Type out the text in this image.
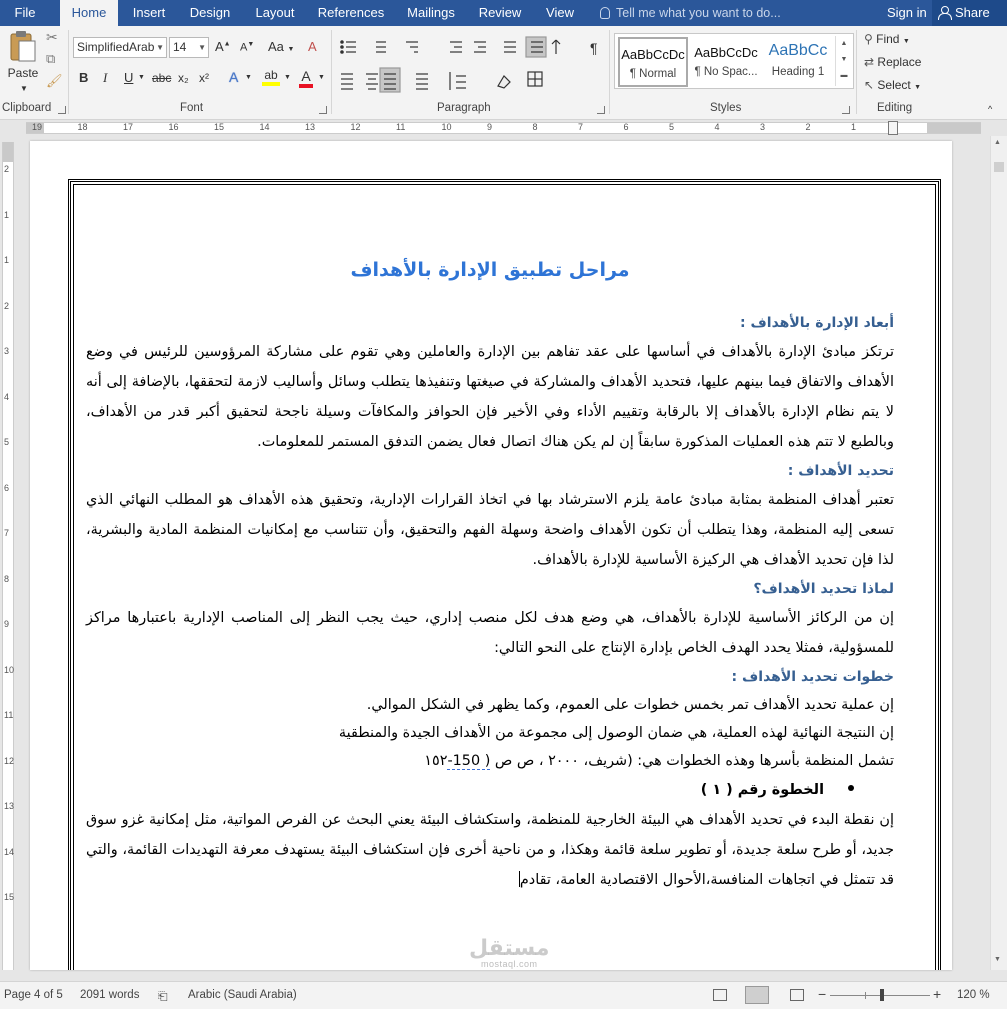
File	Home	Insert	Design	Layout	References	Mailings	Review	View	Tell me what you want to do...	Sign in	Share
Paste
▼
✂
⧉
🖌
Clipboard
SimplifiedArab ▼ 14 ▼ A▲ A▼ Aa ▼ A
B I U ▼ abc x₂ x² A ▼ ab ▼ A	▼
Font
¶
Paragraph
AaBbCcDc
¶ Normal
AaBbCcDc
¶ No Spac...
AaBbCc
Heading 1
▲
▼
▬
Styles
⚲ Find ▼
⇄ Replace
↖ Select ▼
Editing	^
19	18	17	16	15	14	13	12	11	10	9	8	7	6	5	4	3	2	1
2
1
1
2
3
4
5
6
7
8
9
10
11
12
13
14
15
مراحل تطبيق الإدارة بالأهداف
أبعاد الإدارة بالأهداف :
ترتكز مبادئ الإدارة بالأهداف في أساسها على عقد تفاهم بين الإدارة والعاملين وهي تقوم على مشاركة المرؤوسين للرئيس في وضع الأهداف والاتفاق فيما بينهم عليها، فتحديد الأهداف والمشاركة في صيغتها وتنفيذها يتطلب وسائل وأساليب لازمة لتحققها، بالإضافة إلى أنه لا يتم نظام الإدارة بالأهداف إلا بالرقابة وتقييم الأداء وفي الأخير فإن الحوافز والمكافآت وسيلة ناجحة لتحقيق أكبر قدر من الأهداف، وبالطبع لا تتم هذه العمليات المذكورة سابقاً إن لم يكن هناك اتصال فعال يضمن التدفق المستمر للمعلومات.
تحديد الأهداف :
تعتبر أهداف المنظمة بمثابة مبادئ عامة يلزم الاسترشاد بها في اتخاذ القرارات الإدارية، وتحقيق هذه الأهداف هو المطلب النهائي الذي تسعى إليه المنظمة، وهذا يتطلب أن تكون الأهداف واضحة وسهلة الفهم والتحقيق، وأن تتناسب مع إمكانيات المنظمة المادية والبشرية، لذا فإن تحديد الأهداف هي الركيزة الأساسية للإدارة بالأهداف.
لماذا تحديد الأهداف؟
إن من الركائز الأساسية للإدارة بالأهداف، هي وضع هدف لكل منصب إداري، حيث يجب النظر إلى المناصب الإدارية باعتبارها مراكز للمسؤولية، فمثلا يحدد الهدف الخاص بإدارة الإنتاج على النحو التالي:
خطوات تحديد الأهداف :
إن عملية تحديد الأهداف تمر بخمس خطوات على العموم، وكما يظهر في الشكل الموالي.
إن النتيجة النهائية لهذه العملية، هي ضمان الوصول إلى مجموعة من الأهداف الجيدة والمنطقية
تشمل المنظمة بأسرها وهذه الخطوات هي: (شريف، ٢٠٠٠ ، ص ص ١٥٢-150 )
الخطوة رقم ( ١ )
إن نقطة البدء في تحديد الأهداف هي البيئة الخارجية للمنظمة، واستكشاف البيئة يعني البحث عن الفرص المواتية، مثل إمكانية غزو سوق جديد، أو طرح سلعة جديدة، أو تطوير سلعة قائمة وهكذا، و من ناحية أخرى فإن استكشاف البيئة يستهدف معرفة التهديدات القائمة، والتي قد تتمثل في اتجاهات المنافسة،الأحوال الاقتصادية العامة، تقادم
مستقل
mostaql.com
▲
▼
Page 4 of 5 2091 words ⎗ Arabic (Saudi Arabia)	−	+ 120 %
